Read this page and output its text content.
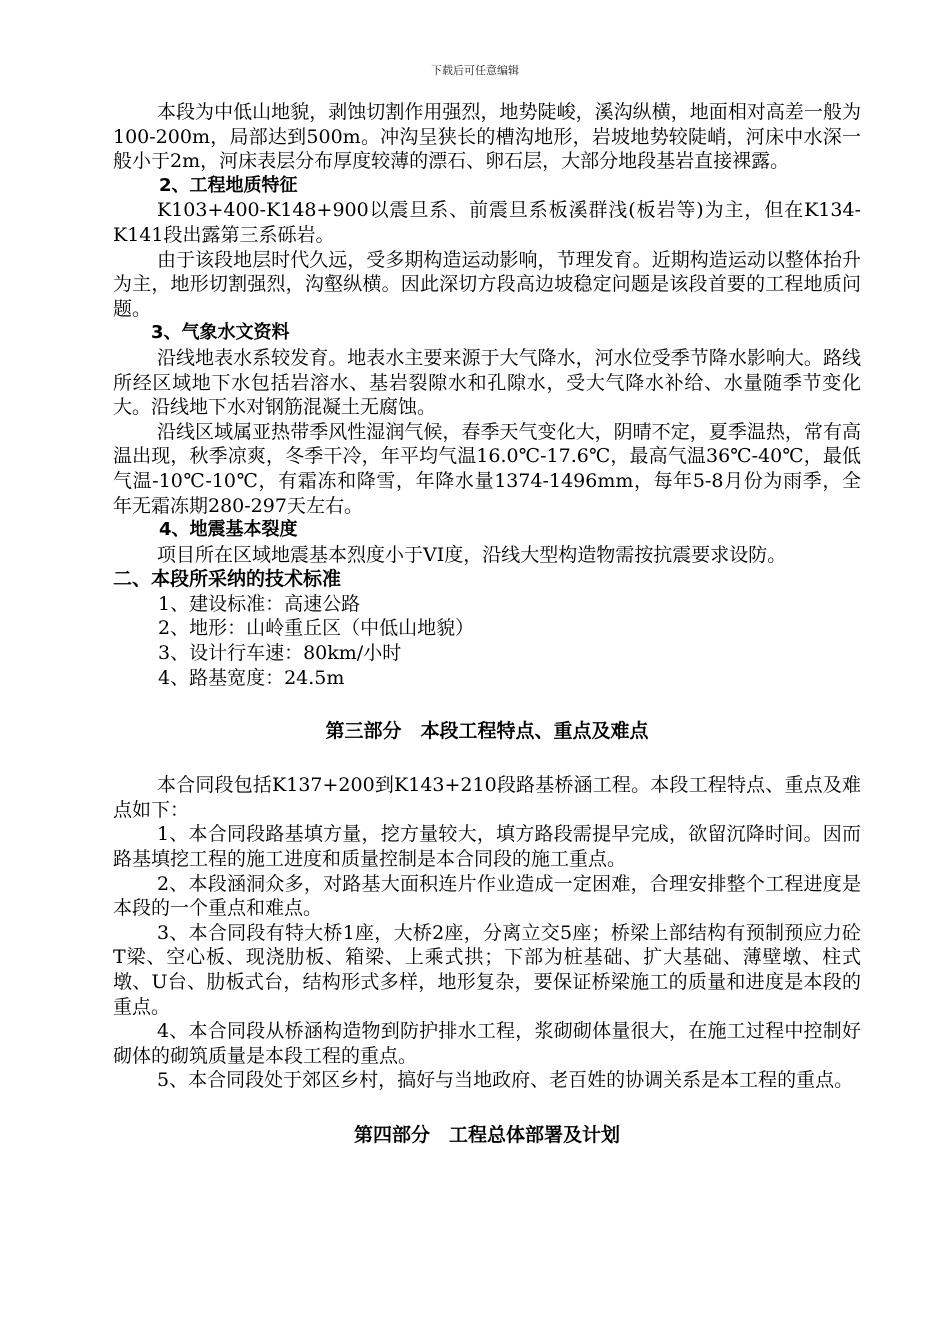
下载后可任意编辑

本段为中低山地貌，剥蚀切割作用强烈，地势陡峻，溪沟纵横，地面相对高差一般为100-200m，局部达到500m。冲沟呈狭长的槽沟地形，岩坡地势较陡峭，河床中水深一般小于2m，河床表层分布厚度较薄的漂石、卵石层，大部分地段基岩直接裸露。

2、工程地质特征

K103+400-K148+900以震旦系、前震旦系板溪群浅(板岩等)为主，但在K134-K141段出露第三系砾岩。

由于该段地层时代久远，受多期构造运动影响，节理发育。近期构造运动以整体抬升为主，地形切割强烈，沟壑纵横。因此深切方段高边坡稳定问题是该段首要的工程地质问题。

3、气象水文资料

沿线地表水系较发育。地表水主要来源于大气降水，河水位受季节降水影响大。路线所经区域地下水包括岩溶水、基岩裂隙水和孔隙水，受大气降水补给、水量随季节变化大。沿线地下水对钢筋混凝土无腐蚀。

沿线区域属亚热带季风性湿润气候，春季天气变化大，阴晴不定，夏季温热，常有高温出现，秋季凉爽，冬季干冷，年平均气温16.0℃-17.6℃，最高气温36℃-40℃，最低气温-10℃-10℃，有霜冻和降雪，年降水量1374-1496mm，每年5-8月份为雨季，全年无霜冻期280-297天左右。

4、地震基本裂度

项目所在区域地震基本烈度小于VI度，沿线大型构造物需按抗震要求设防。

二、本段所采纳的技术标准

1、建设标准：高速公路

2、地形：山岭重丘区（中低山地貌）

3、设计行车速：80km/小时

4、路基宽度：24.5m

第三部分　本段工程特点、重点及难点

本合同段包括K137+200到K143+210段路基桥涵工程。本段工程特点、重点及难点如下：

1、本合同段路基填方量，挖方量较大，填方路段需提早完成，欲留沉降时间。因而路基填挖工程的施工进度和质量控制是本合同段的施工重点。

2、本段涵洞众多，对路基大面积连片作业造成一定困难，合理安排整个工程进度是本段的一个重点和难点。

3、本合同段有特大桥1座，大桥2座，分离立交5座；桥梁上部结构有预制预应力砼T梁、空心板、现浇肋板、箱梁、上乘式拱；下部为桩基础、扩大基础、薄壁墩、柱式墩、U台、肋板式台，结构形式多样，地形复杂，要保证桥梁施工的质量和进度是本段的重点。

4、本合同段从桥涵构造物到防护排水工程，浆砌砌体量很大，在施工过程中控制好砌体的砌筑质量是本段工程的重点。

5、本合同段处于郊区乡村，搞好与当地政府、老百姓的协调关系是本工程的重点。

第四部分　工程总体部署及计划
